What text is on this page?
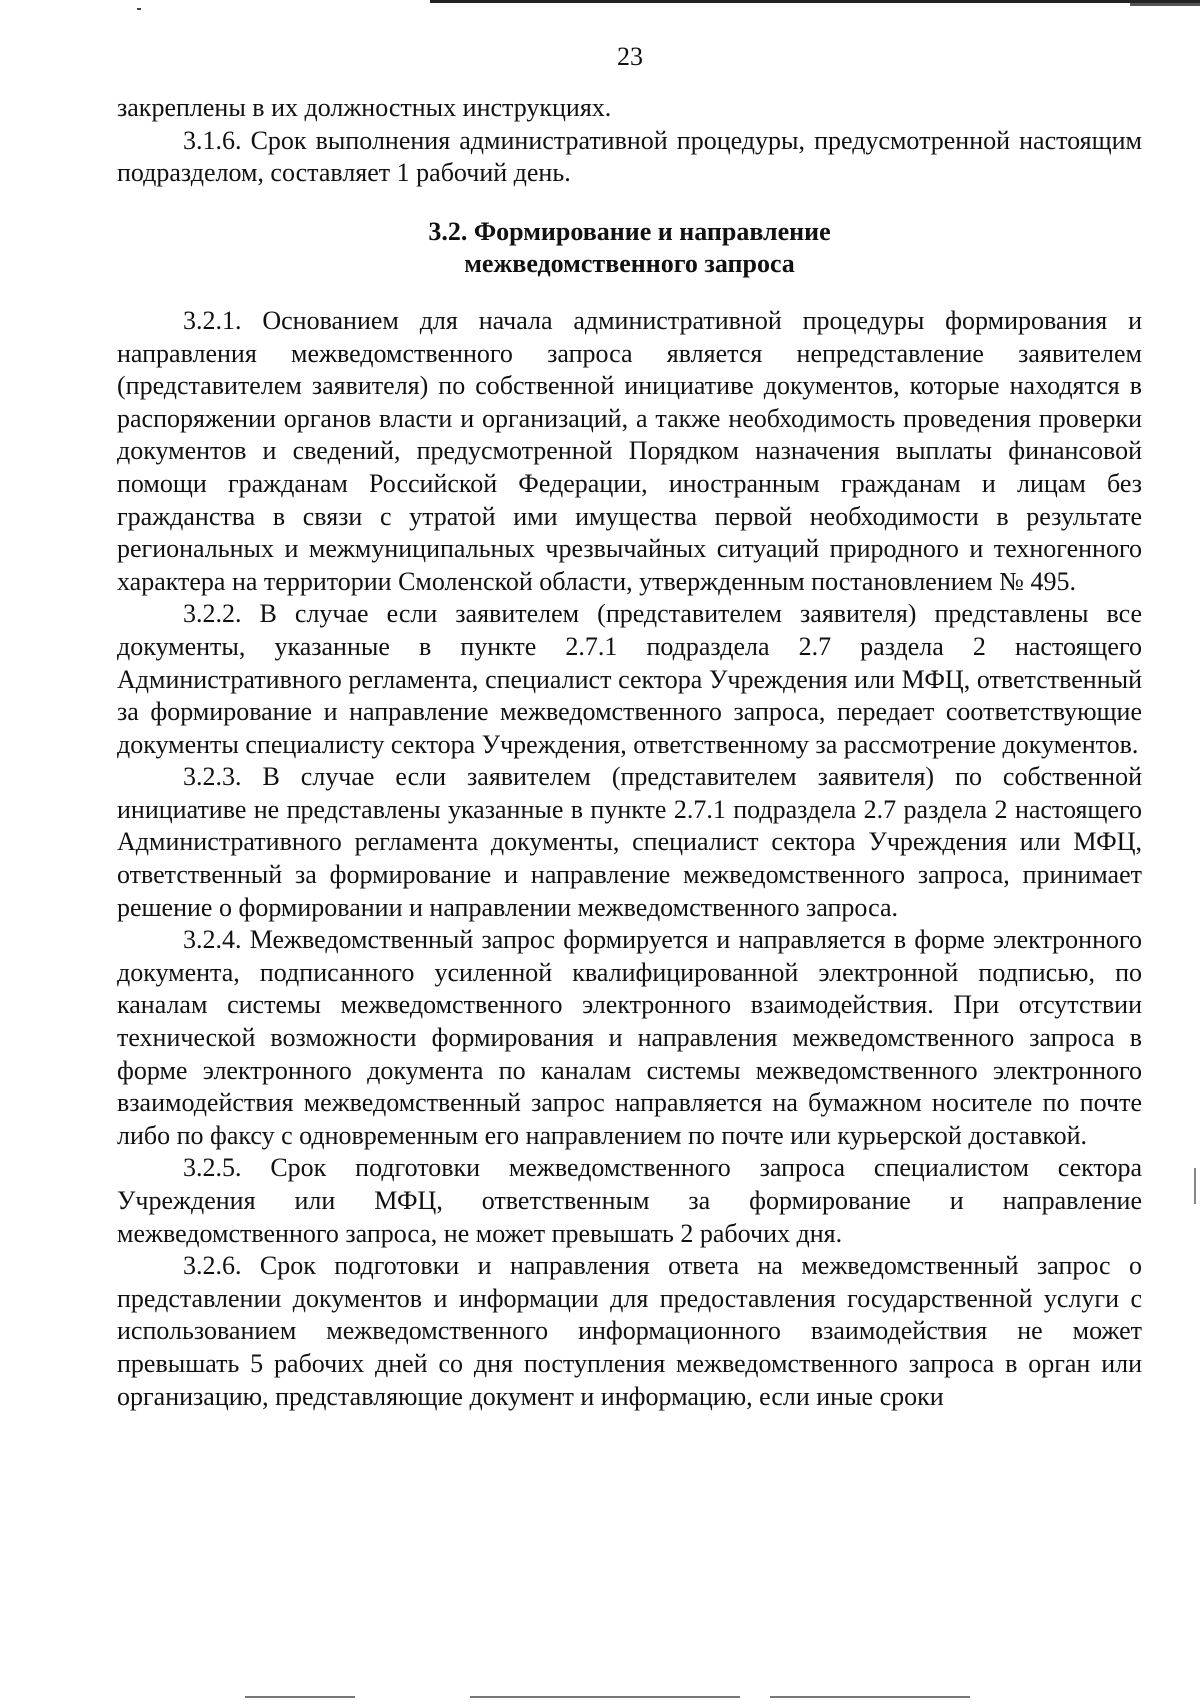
23

закреплены в их должностных инструкциях.

3.1.6. Срок выполнения административной процедуры, предусмотренной настоящим подразделом, составляет 1 рабочий день.

3.2. Формирование и направление
межведомственного запроса

3.2.1. Основанием для начала административной процедуры формирования и направления межведомственного запроса является непредставление заявителем (представителем заявителя) по собственной инициативе документов, которые находятся в распоряжении органов власти и организаций, а также необходимость проведения проверки документов и сведений, предусмотренной Порядком назначения выплаты финансовой помощи гражданам Российской Федерации, иностранным гражданам и лицам без гражданства в связи с утратой ими имущества первой необходимости в результате региональных и межмуниципальных чрезвычайных ситуаций природного и техногенного характера на территории Смоленской области, утвержденным постановлением № 495.

3.2.2. В случае если заявителем (представителем заявителя) представлены все документы, указанные в пункте 2.7.1 подраздела 2.7 раздела 2 настоящего Административного регламента, специалист сектора Учреждения или МФЦ, ответственный за формирование и направление межведомственного запроса, передает соответствующие документы специалисту сектора Учреждения, ответственному за рассмотрение документов.

3.2.3. В случае если заявителем (представителем заявителя) по собственной инициативе не представлены указанные в пункте 2.7.1 подраздела 2.7 раздела 2 настоящего Административного регламента документы, специалист сектора Учреждения или МФЦ, ответственный за формирование и направление межведомственного запроса, принимает решение о формировании и направлении межведомственного запроса.

3.2.4. Межведомственный запрос формируется и направляется в форме электронного документа, подписанного усиленной квалифицированной электронной подписью, по каналам системы межведомственного электронного взаимодействия. При отсутствии технической возможности формирования и направления межведомственного запроса в форме электронного документа по каналам системы межведомственного электронного взаимодействия межведомственный запрос направляется на бумажном носителе по почте либо по факсу с одновременным его направлением по почте или курьерской доставкой.

3.2.5. Срок подготовки межведомственного запроса специалистом сектора Учреждения или МФЦ, ответственным за формирование и направление межведомственного запроса, не может превышать 2 рабочих дня.

3.2.6. Срок подготовки и направления ответа на межведомственный запрос о представлении документов и информации для предоставления государственной услуги с использованием межведомственного информационного взаимодействия не может превышать 5 рабочих дней со дня поступления межведомственного запроса в орган или организацию, представляющие документ и информацию, если иные сроки
